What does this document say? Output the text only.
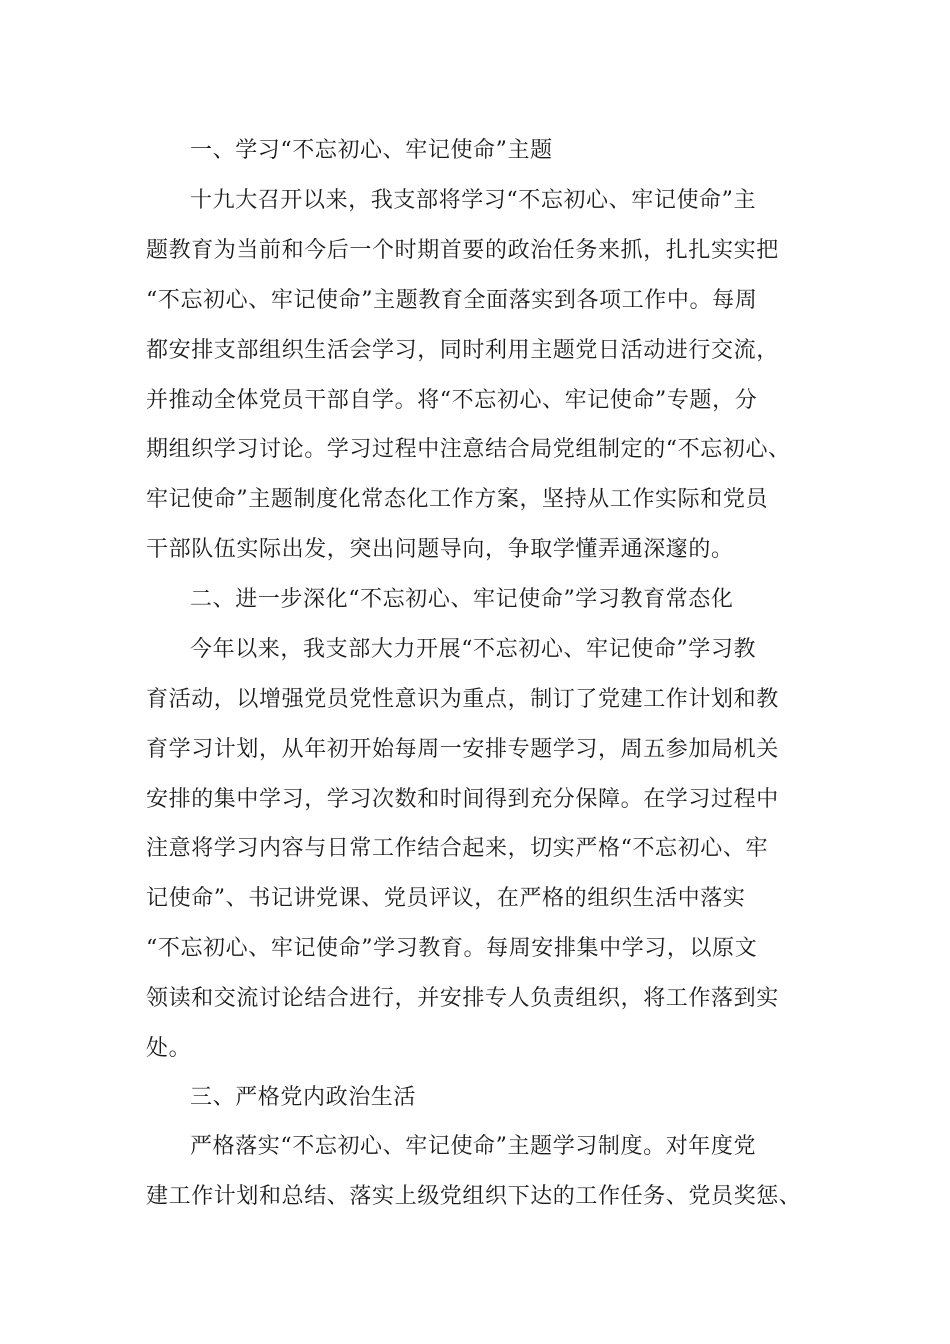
一、学习“不忘初心、牢记使命”主题

十九大召开以来，我支部将学习“不忘初心、牢记使命”主

题教育为当前和今后一个时期首要的政治任务来抓，扎扎实实把

“不忘初心、牢记使命”主题教育全面落实到各项工作中。每周

都安排支部组织生活会学习，同时利用主题党日活动进行交流，

并推动全体党员干部自学。将“不忘初心、牢记使命”专题，分

期组织学习讨论。学习过程中注意结合局党组制定的“不忘初心、

牢记使命”主题制度化常态化工作方案，坚持从工作实际和党员

干部队伍实际出发，突出问题导向，争取学懂弄通深邃的。

二、进一步深化“不忘初心、牢记使命”学习教育常态化

今年以来，我支部大力开展“不忘初心、牢记使命”学习教

育活动，以增强党员党性意识为重点，制订了党建工作计划和教

育学习计划，从年初开始每周一安排专题学习，周五参加局机关

安排的集中学习，学习次数和时间得到充分保障。在学习过程中

注意将学习内容与日常工作结合起来，切实严格“不忘初心、牢

记使命”、书记讲党课、党员评议，在严格的组织生活中落实

“不忘初心、牢记使命”学习教育。每周安排集中学习，以原文

领读和交流讨论结合进行，并安排专人负责组织，将工作落到实

处。

三、严格党内政治生活

严格落实“不忘初心、牢记使命”主题学习制度。对年度党

建工作计划和总结、落实上级党组织下达的工作任务、党员奖惩、
